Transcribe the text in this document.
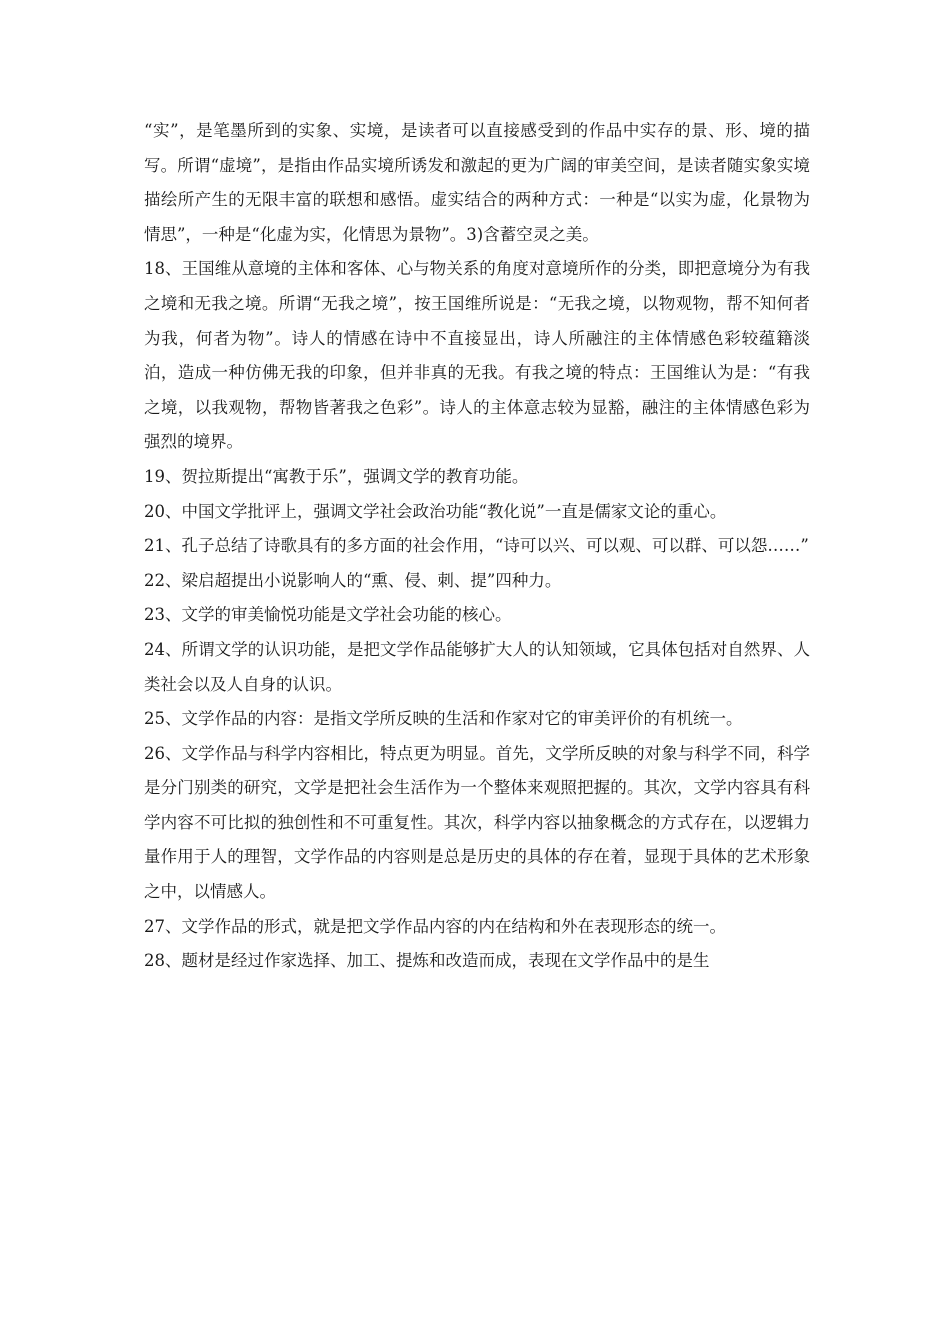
“实”，是笔墨所到的实象、实境，是读者可以直接感受到的作品中实存的景、形、境的描写。所谓“虚境”，是指由作品实境所诱发和激起的更为广阔的审美空间，是读者随实象实境描绘所产生的无限丰富的联想和感悟。虚实结合的两种方式：一种是“以实为虚，化景物为情思”，一种是“化虚为实，化情思为景物”。3)含蓄空灵之美。

18、王国维从意境的主体和客体、心与物关系的角度对意境所作的分类，即把意境分为有我之境和无我之境。所谓“无我之境”，按王国维所说是：“无我之境，以物观物，帮不知何者为我，何者为物”。诗人的情感在诗中不直接显出，诗人所融注的主体情感色彩较蕴籍淡泊，造成一种仿佛无我的印象，但并非真的无我。有我之境的特点：王国维认为是：“有我之境，以我观物，帮物皆著我之色彩”。诗人的主体意志较为显豁，融注的主体情感色彩为强烈的境界。

19、贺拉斯提出“寓教于乐”，强调文学的教育功能。

20、中国文学批评上，强调文学社会政治功能“教化说”一直是儒家文论的重心。

21、孔子总结了诗歌具有的多方面的社会作用，“诗可以兴、可以观、可以群、可以怨……”

22、梁启超提出小说影响人的“熏、侵、刺、提”四种力。

23、文学的审美愉悦功能是文学社会功能的核心。

24、所谓文学的认识功能，是把文学作品能够扩大人的认知领域，它具体包括对自然界、人类社会以及人自身的认识。

25、文学作品的内容：是指文学所反映的生活和作家对它的审美评价的有机统一。

26、文学作品与科学内容相比，特点更为明显。首先，文学所反映的对象与科学不同，科学是分门别类的研究，文学是把社会生活作为一个整体来观照把握的。其次，文学内容具有科学内容不可比拟的独创性和不可重复性。其次，科学内容以抽象概念的方式存在，以逻辑力量作用于人的理智，文学作品的内容则是总是历史的具体的存在着，显现于具体的艺术形象之中，以情感人。

27、文学作品的形式，就是把文学作品内容的内在结构和外在表现形态的统一。

28、题材是经过作家选择、加工、提炼和改造而成，表现在文学作品中的是生
